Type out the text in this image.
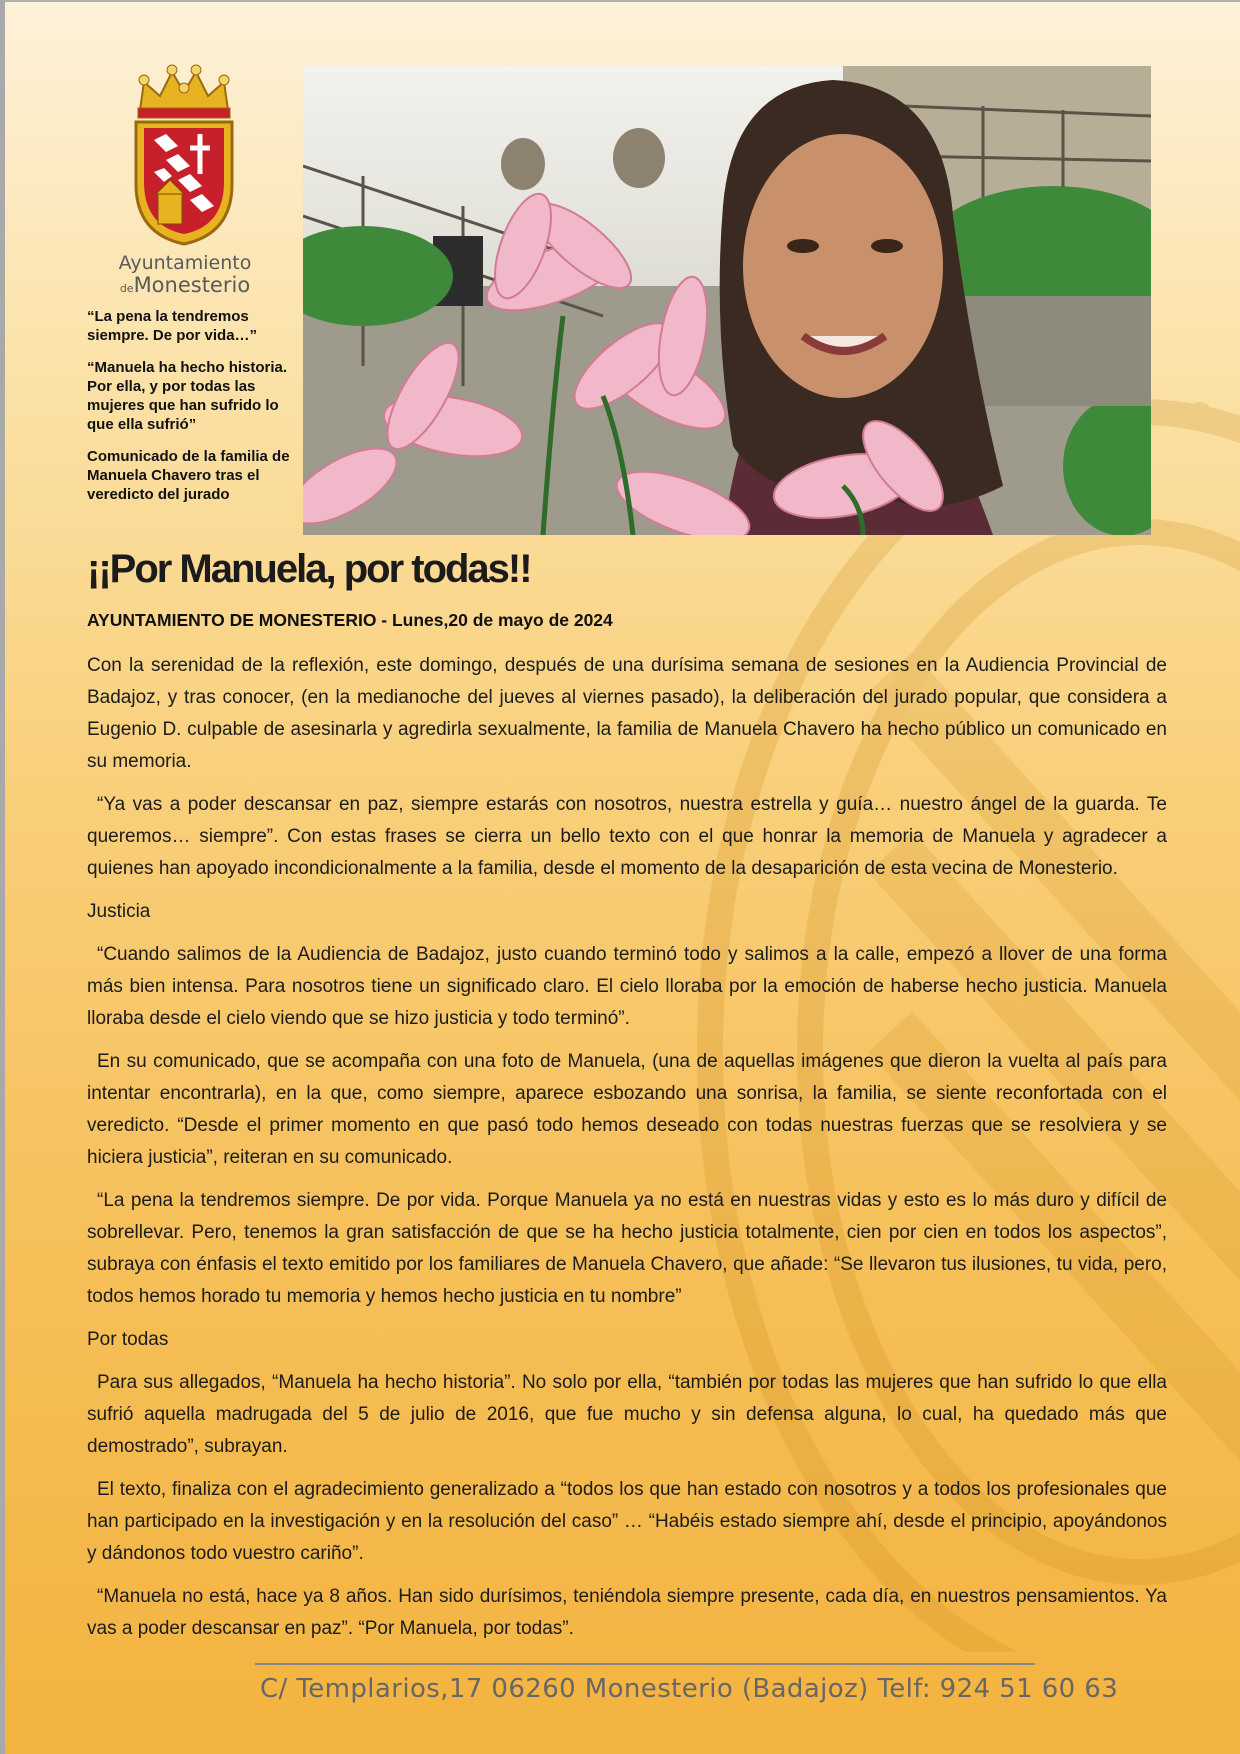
Ayuntamiento
deMonesterio

“La pena la tendremos siempre. De por vida…”

“Manuela ha hecho historia. Por ella, y por todas las mujeres que han sufrido lo que ella sufrió”

Comunicado de la familia de Manuela Chavero tras el veredicto del jurado

¡¡Por Manuela, por todas!!
AYUNTAMIENTO DE MONESTERIO - Lunes,20 de mayo de 2024

Con la serenidad de la reflexión, este domingo, después de una durísima semana de sesiones en la Audiencia Provincial de Badajoz, y tras conocer, (en la medianoche del jueves al viernes pasado), la deliberación del jurado popular, que considera a Eugenio D. culpable de asesinarla y agredirla sexualmente, la familia de Manuela Chavero ha hecho público un comunicado en su memoria.

“Ya vas a poder descansar en paz, siempre estarás con nosotros, nuestra estrella y guía… nuestro ángel de la guarda. Te queremos… siempre”. Con estas frases se cierra un bello texto con el que honrar la memoria de Manuela y agradecer a quienes han apoyado incondicionalmente a la familia, desde el momento de la desaparición de esta vecina de Monesterio.

Justicia

“Cuando salimos de la Audiencia de Badajoz, justo cuando terminó todo y salimos a la calle, empezó a llover de una forma más bien intensa. Para nosotros tiene un significado claro. El cielo lloraba por la emoción de haberse hecho justicia. Manuela lloraba desde el cielo viendo que se hizo justicia y todo terminó”.

En su comunicado, que se acompaña con una foto de Manuela, (una de aquellas imágenes que dieron la vuelta al país para intentar encontrarla), en la que, como siempre, aparece esbozando una sonrisa, la familia, se siente reconfortada con el veredicto. “Desde el primer momento en que pasó todo hemos deseado con todas nuestras fuerzas que se resolviera y se hiciera justicia”, reiteran en su comunicado.

“La pena la tendremos siempre. De por vida. Porque Manuela ya no está en nuestras vidas y esto es lo más duro y difícil de sobrellevar. Pero, tenemos la gran satisfacción de que se ha hecho justicia totalmente, cien por cien en todos los aspectos”, subraya con énfasis el texto emitido por los familiares de Manuela Chavero, que añade: “Se llevaron tus ilusiones, tu vida, pero, todos hemos horado tu memoria y hemos hecho justicia en tu nombre”

Por todas

Para sus allegados, “Manuela ha hecho historia”. No solo por ella, “también por todas las mujeres que han sufrido lo que ella sufrió aquella madrugada del 5 de julio de 2016, que fue mucho y sin defensa alguna, lo cual, ha quedado más que demostrado”, subrayan.

El texto, finaliza con el agradecimiento generalizado a “todos los que han estado con nosotros y a todos los profesionales que han participado en la investigación y en la resolución del caso” … “Habéis estado siempre ahí, desde el principio, apoyándonos y dándonos todo vuestro cariño”.

“Manuela no está, hace ya 8 años. Han sido durísimos, teniéndola siempre presente, cada día, en nuestros pensamientos. Ya vas a poder descansar en paz”. “Por Manuela, por todas”.

C/ Templarios,17 06260 Monesterio (Badajoz) Telf: 924 51 60 63
